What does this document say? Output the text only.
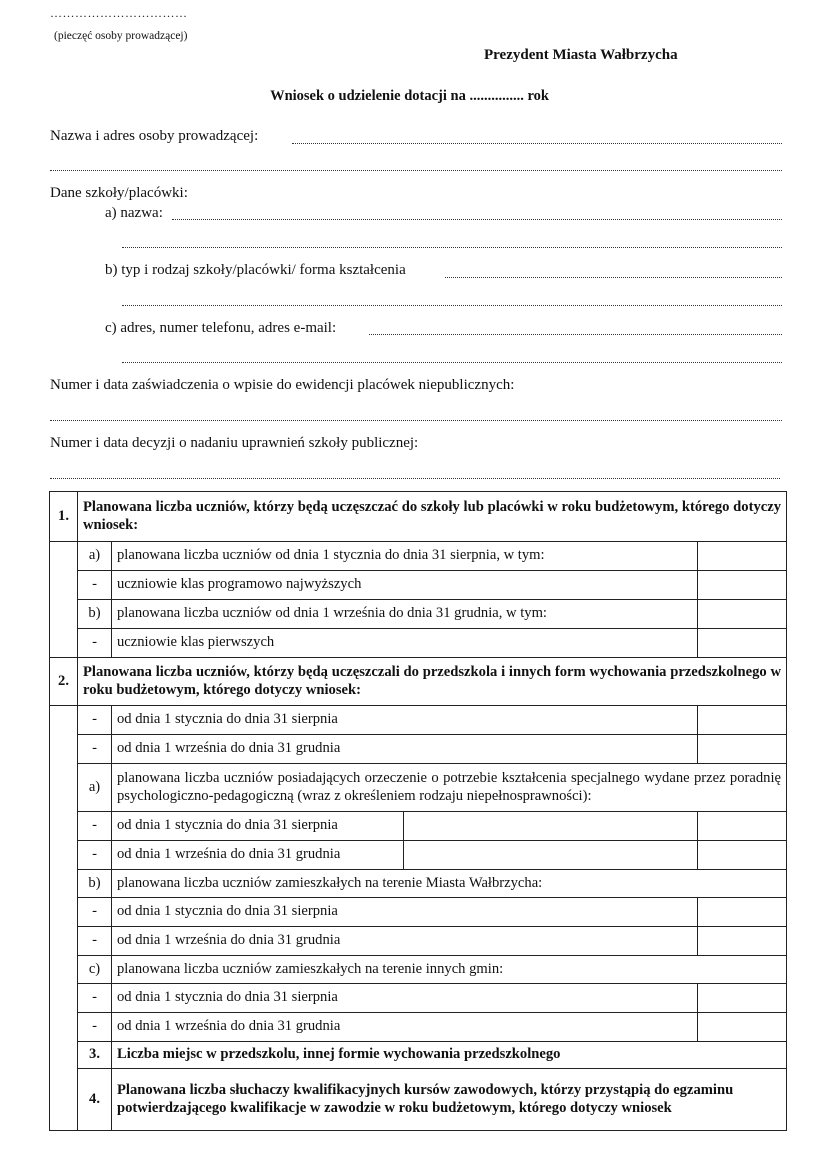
……………………………
(pieczęć osoby prowadzącej)
Prezydent Miasta Wałbrzycha
Wniosek o udzielenie dotacji na ............... rok
Nazwa i adres osoby prowadzącej:
Dane szkoły/placówki:
a) nazwa:
b) typ i rodzaj szkoły/placówki/ forma kształcenia
c) adres, numer telefonu, adres e-mail:
Numer i data zaświadczenia o wpisie do ewidencji placówek niepublicznych:
Numer i data decyzji o nadaniu uprawnień szkoły publicznej:
1.	Planowana liczba uczniów, którzy będą uczęszczać do szkoły lub placówki w roku budżetowym, którego dotyczy wniosek:				
	a)	planowana liczba uczniów od dnia 1 stycznia do dnia 31 sierpnia, w tym:			
	-	uczniowie klas programowo najwyższych			
	b)	planowana liczba uczniów od dnia 1 września do dnia 31 grudnia, w tym:			
	-	uczniowie klas pierwszych			
2.	Planowana liczba uczniów, którzy będą uczęszczali do przedszkola i innych form wychowania przedszkolnego w roku budżetowym, którego dotyczy wniosek:				
	-	od dnia 1 stycznia do dnia 31 sierpnia			
	-	od dnia 1 września do dnia 31 grudnia			
	a)	planowana liczba uczniów posiadających orzeczenie o potrzebie kształcenia specjalnego wydane przez poradnię psychologiczno-pedagogiczną (wraz z określeniem rodzaju niepełnosprawności):			
	-	od dnia 1 stycznia do dnia 31 sierpnia			
	-	od dnia 1 września do dnia 31 grudnia			
	b)	planowana liczba uczniów zamieszkałych na terenie Miasta Wałbrzycha:			
	-	od dnia 1 stycznia do dnia 31 sierpnia			
	-	od dnia 1 września do dnia 31 grudnia			
	c)	planowana liczba uczniów zamieszkałych na terenie innych gmin:			
	-	od dnia 1 stycznia do dnia 31 sierpnia			
	-	od dnia 1 września do dnia 31 grudnia			
	3.	Liczba miejsc w przedszkolu, innej formie wychowania przedszkolnego			
	4.	Planowana liczba słuchaczy kwalifikacyjnych kursów zawodowych, którzy przystąpią do egzaminu potwierdzającego kwalifikacje w zawodzie w roku budżetowym, którego dotyczy wniosek			
